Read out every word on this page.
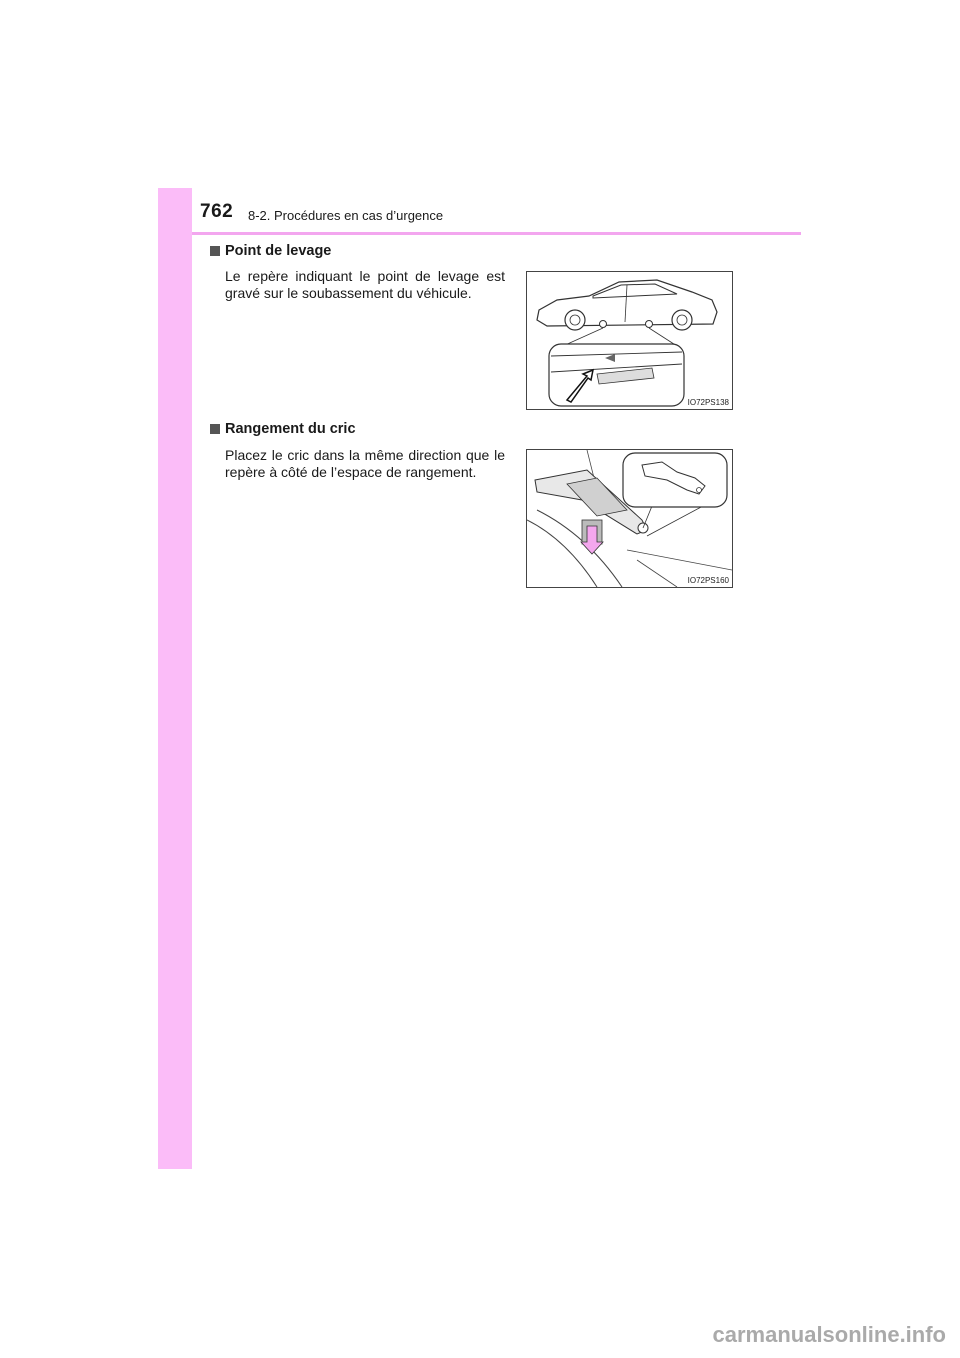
762 8-2. Procédures en cas d’urgence
Point de levage
Le repère indiquant le point de levage est gravé sur le soubassement du véhicule.
IO72PS138
Rangement du cric
Placez le cric dans la même direction que le repère à côté de l’espace de rangement.
IO72PS160
carmanualsonline.info
